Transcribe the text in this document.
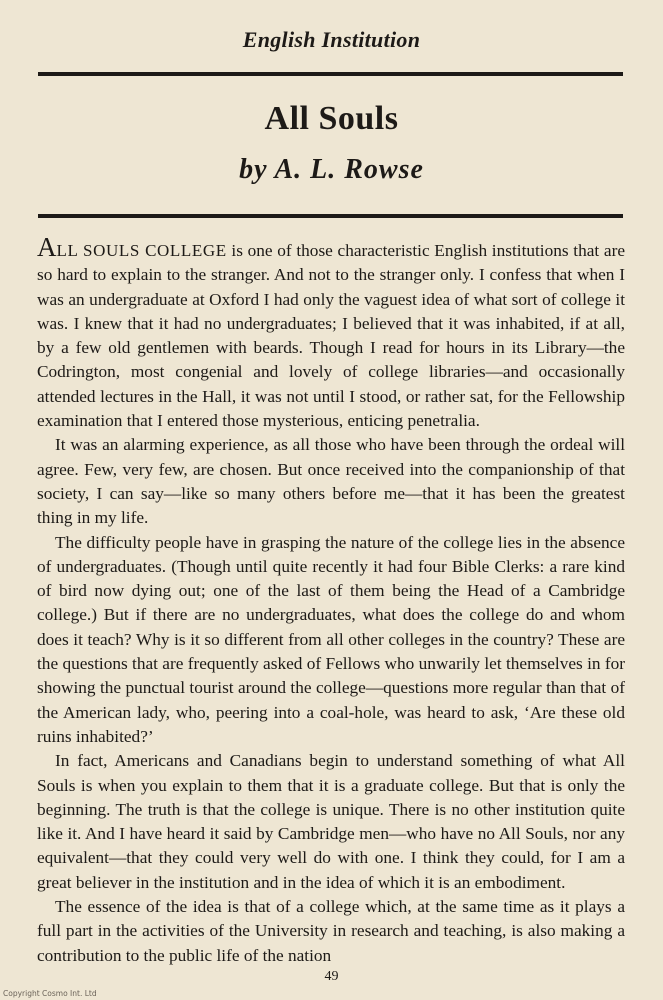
English Institution
All Souls
by A. L. Rowse

ALL SOULS COLLEGE is one of those characteristic English institutions that are so hard to explain to the stranger. And not to the stranger only. I confess that when I was an undergraduate at Oxford I had only the vaguest idea of what sort of college it was. I knew that it had no undergraduates; I believed that it was inhabited, if at all, by a few old gentlemen with beards. Though I read for hours in its Library—the Codrington, most congenial and lovely of college libraries—and occasionally attended lectures in the Hall, it was not until I stood, or rather sat, for the Fellowship examination that I entered those mysterious, enticing penetralia.

It was an alarming experience, as all those who have been through the ordeal will agree. Few, very few, are chosen. But once received into the companionship of that society, I can say—like so many others before me—that it has been the greatest thing in my life.

The difficulty people have in grasping the nature of the college lies in the absence of undergraduates. (Though until quite recently it had four Bible Clerks: a rare kind of bird now dying out; one of the last of them being the Head of a Cambridge college.) But if there are no undergraduates, what does the college do and whom does it teach? Why is it so different from all other colleges in the country? These are the questions that are frequently asked of Fellows who unwarily let themselves in for showing the punctual tourist around the college—questions more regular than that of the American lady, who, peering into a coal-hole, was heard to ask, ‘Are these old ruins inhabited?’

In fact, Americans and Canadians begin to understand something of what All Souls is when you explain to them that it is a graduate college. But that is only the beginning. The truth is that the college is unique. There is no other institution quite like it. And I have heard it said by Cambridge men—who have no All Souls, nor any equivalent—that they could very well do with one. I think they could, for I am a great believer in the institution and in the idea of which it is an embodiment.

The essence of the idea is that of a college which, at the same time as it plays a full part in the activities of the University in research and teaching, is also making a contribution to the public life of the nation

49
Copyright Cosmo Int. Ltd
